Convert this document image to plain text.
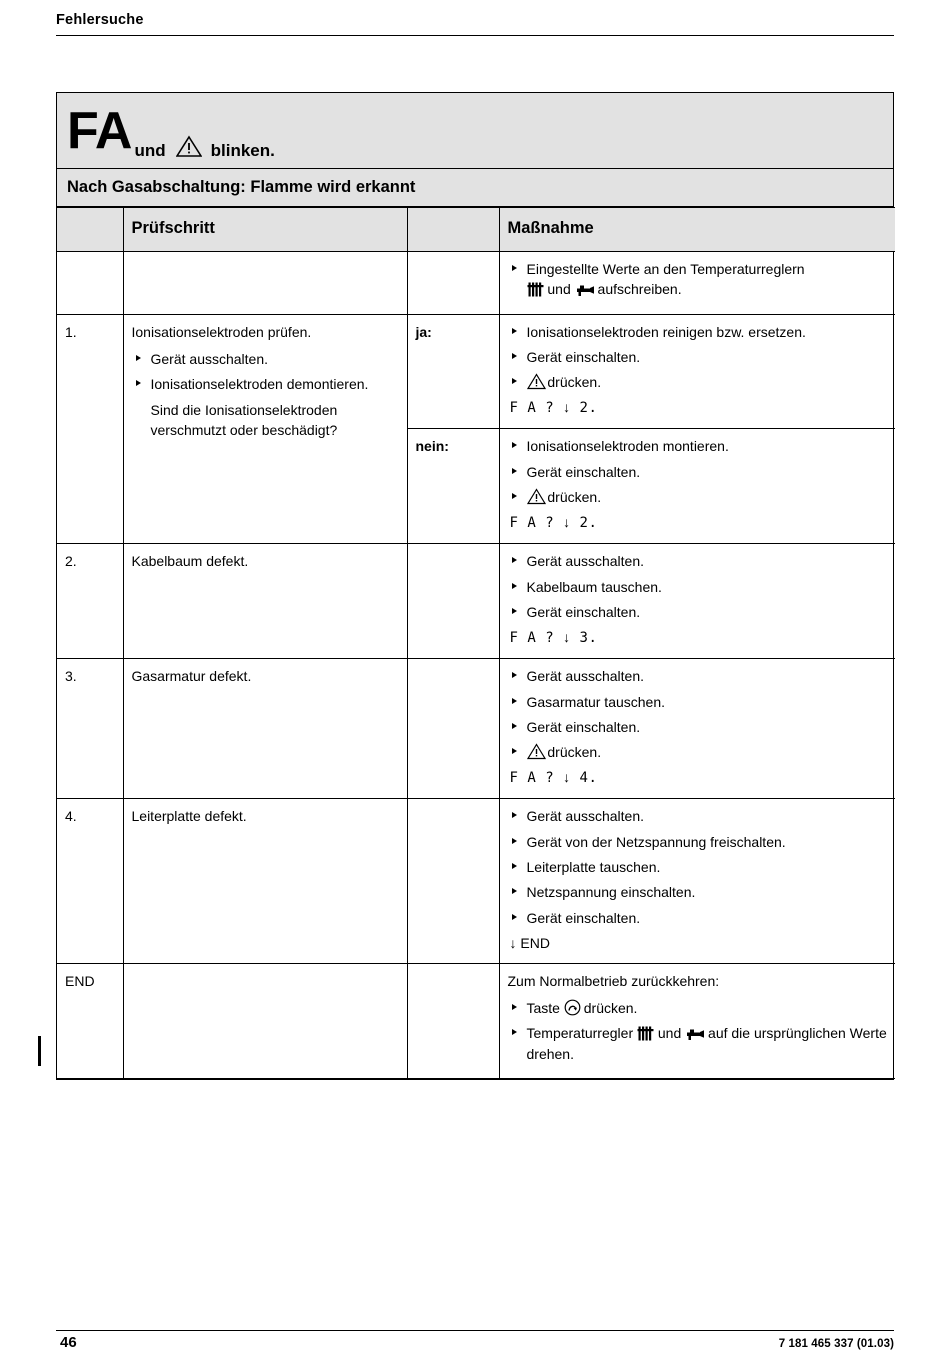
Fehlersuche
FA und	blinken.
Nach Gasabschaltung: Flamme wird erkannt
	Prüfschritt		Maßnahme

Eingestellte Werte an den Temperaturreglern
und aufschreiben.

1.	Ionisationselektroden prüfen.
Gerät ausschalten.
Ionisationselektroden demontieren.
Sind die Ionisationselektroden verschmutzt oder beschädigt?
	ja:	Ionisationselektroden reinigen bzw. ersetzen.
Gerät einschalten.
drücken.
F A ? ↓ 2.

nein:	Ionisationselektroden montieren.
Gerät einschalten.
drücken.
F A ? ↓ 2.

2.	Kabelbaum defekt.		Gerät ausschalten.
Kabelbaum tauschen.
Gerät einschalten.
F A ? ↓ 3.

3.	Gasarmatur defekt.		Gerät ausschalten.
Gasarmatur tauschen.
Gerät einschalten.
drücken.
F A ? ↓ 4.

4.	Leiterplatte defekt.		Gerät ausschalten.
Gerät von der Netzspannung freischalten.
Leiterplatte tauschen.
Netzspannung einschalten.
Gerät einschalten.
↓ END

END			Zum Normalbetrieb zurückkehren:
Taste drücken.
Temperaturregler und auf die ursprünglichen Werte drehen.
46	7 181 465 337 (01.03)
